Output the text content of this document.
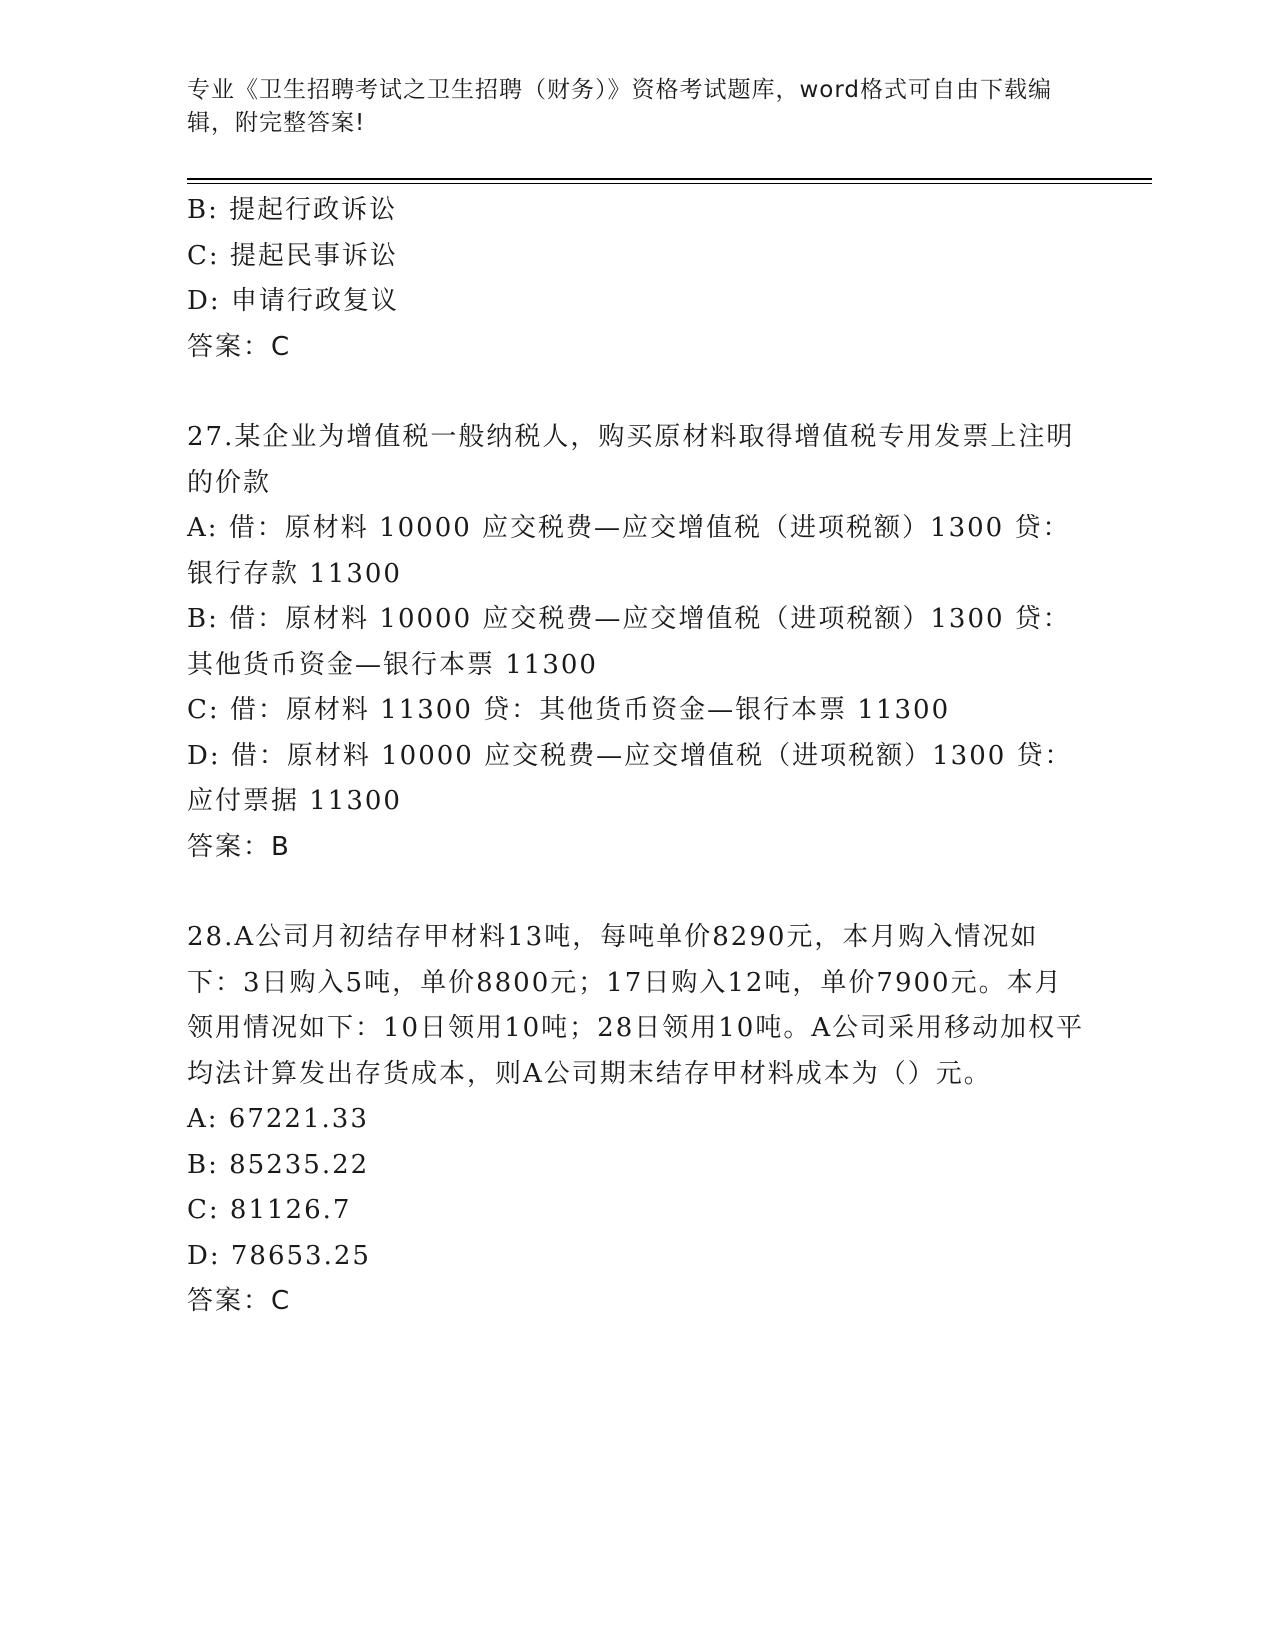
专业《卫生招聘考试之卫生招聘（财务）》资格考试题库，word格式可自由下载编辑，附完整答案!
B: 提起行政诉讼
C: 提起民事诉讼
D: 申请行政复议
答案：C
27.某企业为增值税一般纳税人，购买原材料取得增值税专用发票上注明的价款
A: 借：原材料 10000 应交税费—应交增值税（进项税额）1300 贷：银行存款 11300
B: 借：原材料 10000 应交税费—应交增值税（进项税额）1300 贷：其他货币资金—银行本票 11300
C: 借：原材料 11300 贷：其他货币资金—银行本票 11300
D: 借：原材料 10000 应交税费—应交增值税（进项税额）1300 贷：应付票据 11300
答案：B
28.A公司月初结存甲材料13吨，每吨单价8290元，本月购入情况如下：3日购入5吨，单价8800元；17日购入12吨，单价7900元。本月领用情况如下：10日领用10吨；28日领用10吨。A公司采用移动加权平均法计算发出存货成本，则A公司期末结存甲材料成本为（）元。
A: 67221.33
B: 85235.22
C: 81126.7
D: 78653.25
答案：C
